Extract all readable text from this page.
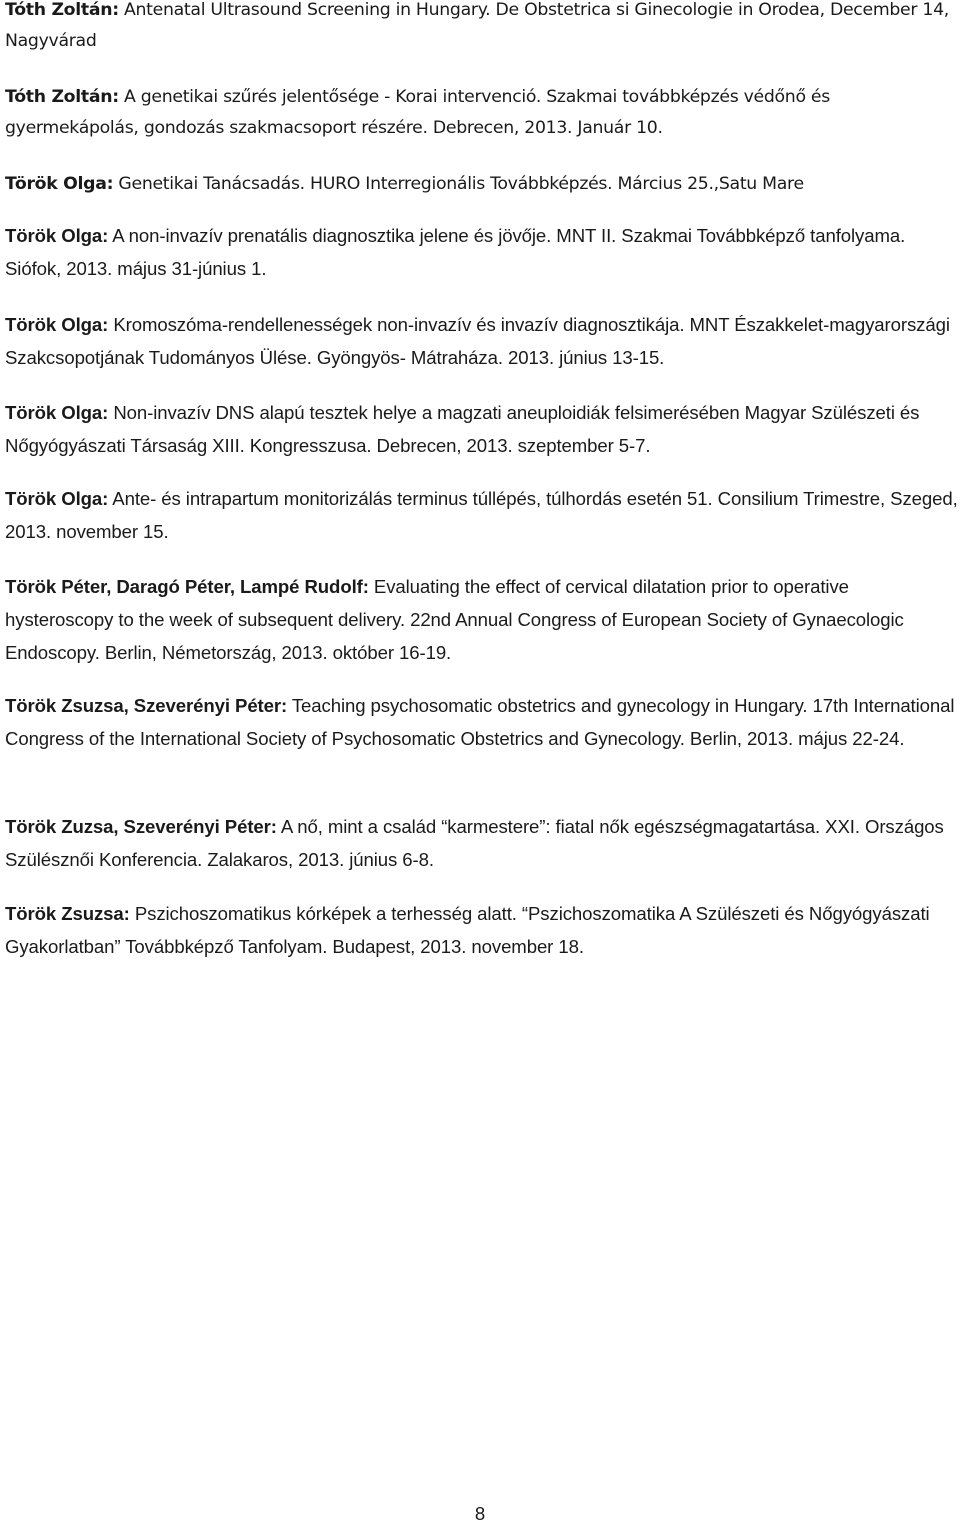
Tóth Zoltán: Antenatal Ultrasound Screening in Hungary. De Obstetrica si Ginecologie in Orodea, December 14, Nagyvárad

Tóth Zoltán: A genetikai szűrés jelentősége - Korai intervenció. Szakmai továbbképzés védőnő és gyermekápolás, gondozás szakmacsoport részére. Debrecen, 2013. Január 10.

Török Olga: Genetikai Tanácsadás. HURO Interregionális Továbbképzés. Március 25.,Satu Mare

Török Olga: A non-invazív prenatális diagnosztika jelene és jövője. MNT II. Szakmai Továbbképző tanfolyama. Siófok, 2013. május 31-június 1.

Török Olga: Kromoszóma-rendellenességek non-invazív és invazív diagnosztikája. MNT Északkelet-magyarországi Szakcsopotjának Tudományos Ülése. Gyöngyös- Mátraháza. 2013. június 13-15.

Török Olga: Non-invazív DNS alapú tesztek helye a magzati aneuploidiák felsimerésében Magyar Szülészeti és Nőgyógyászati Társaság XIII. Kongresszusa. Debrecen, 2013. szeptember 5-7.

Török Olga: Ante- és intrapartum monitorizálás terminus túllépés, túlhordás esetén 51. Consilium Trimestre, Szeged, 2013. november 15.

Török Péter, Daragó Péter, Lampé Rudolf: Evaluating the effect of cervical dilatation prior to operative hysteroscopy to the week of subsequent delivery. 22nd Annual Congress of European Society of Gynaecologic Endoscopy. Berlin, Németország, 2013. október 16-19.

Török Zsuzsa, Szeverényi Péter: Teaching psychosomatic obstetrics and gynecology in Hungary. 17th International Congress of the International Society of Psychosomatic Obstetrics and Gynecology. Berlin, 2013. május 22-24.

Török Zuzsa, Szeverényi Péter: A nő, mint a család “karmestere”: fiatal nők egészségmagatartása. XXI. Országos Szülésznői Konferencia. Zalakaros, 2013. június 6-8.

Török Zsuzsa: Pszichoszomatikus kórképek a terhesség alatt. “Pszichoszomatika A Szülészeti és Nőgyógyászati Gyakorlatban” Továbbképző Tanfolyam. Budapest, 2013. november 18.

8
